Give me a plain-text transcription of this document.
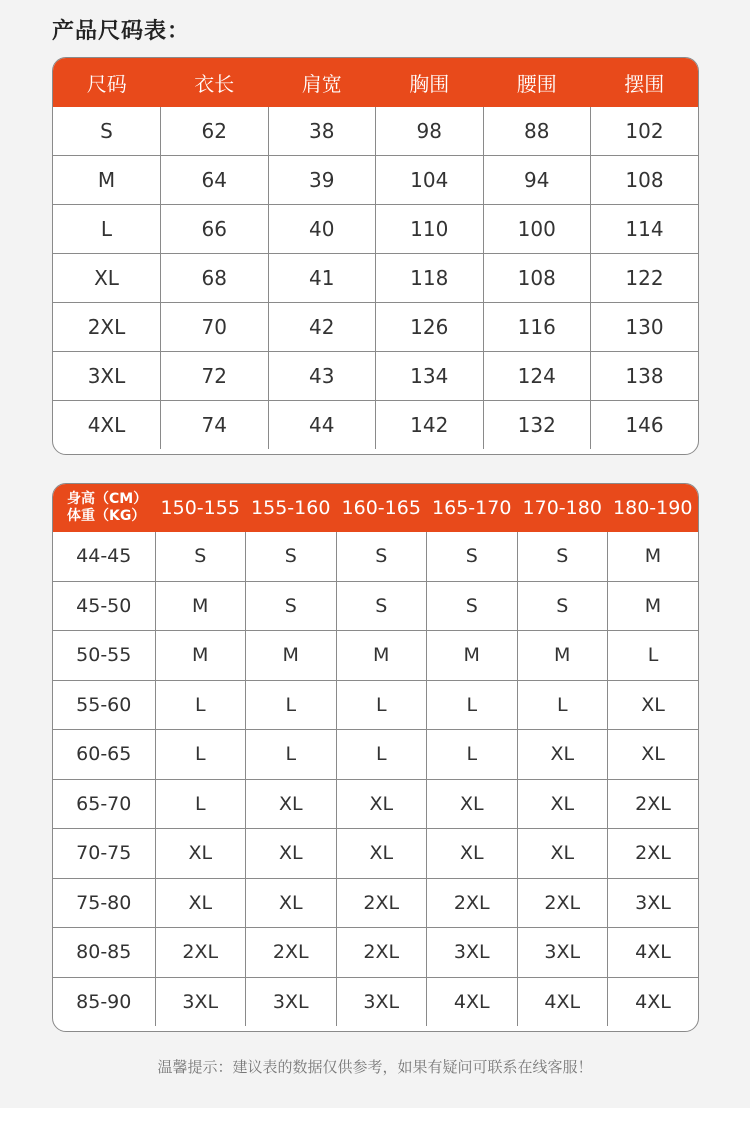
产品尺码表：
尺码	衣长	肩宽	胸围	腰围	摆围
S	62	38	98	88	102
M	64	39	104	94	108
L	66	40	110	100	114
XL	68	41	118	108	122
2XL	70	42	126	116	130
3XL	72	43	134	124	138
4XL	74	44	142	132	146
身高（CM）
体重（KG）	150-155	155-160	160-165	165-170	170-180	180-190
44-45	S	S	S	S	S	M
45-50	M	S	S	S	S	M
50-55	M	M	M	M	M	L
55-60	L	L	L	L	L	XL
60-65	L	L	L	L	XL	XL
65-70	L	XL	XL	XL	XL	2XL
70-75	XL	XL	XL	XL	XL	2XL
75-80	XL	XL	2XL	2XL	2XL	3XL
80-85	2XL	2XL	2XL	3XL	3XL	4XL
85-90	3XL	3XL	3XL	4XL	4XL	4XL
温馨提示：建议表的数据仅供参考，如果有疑问可联系在线客服！
